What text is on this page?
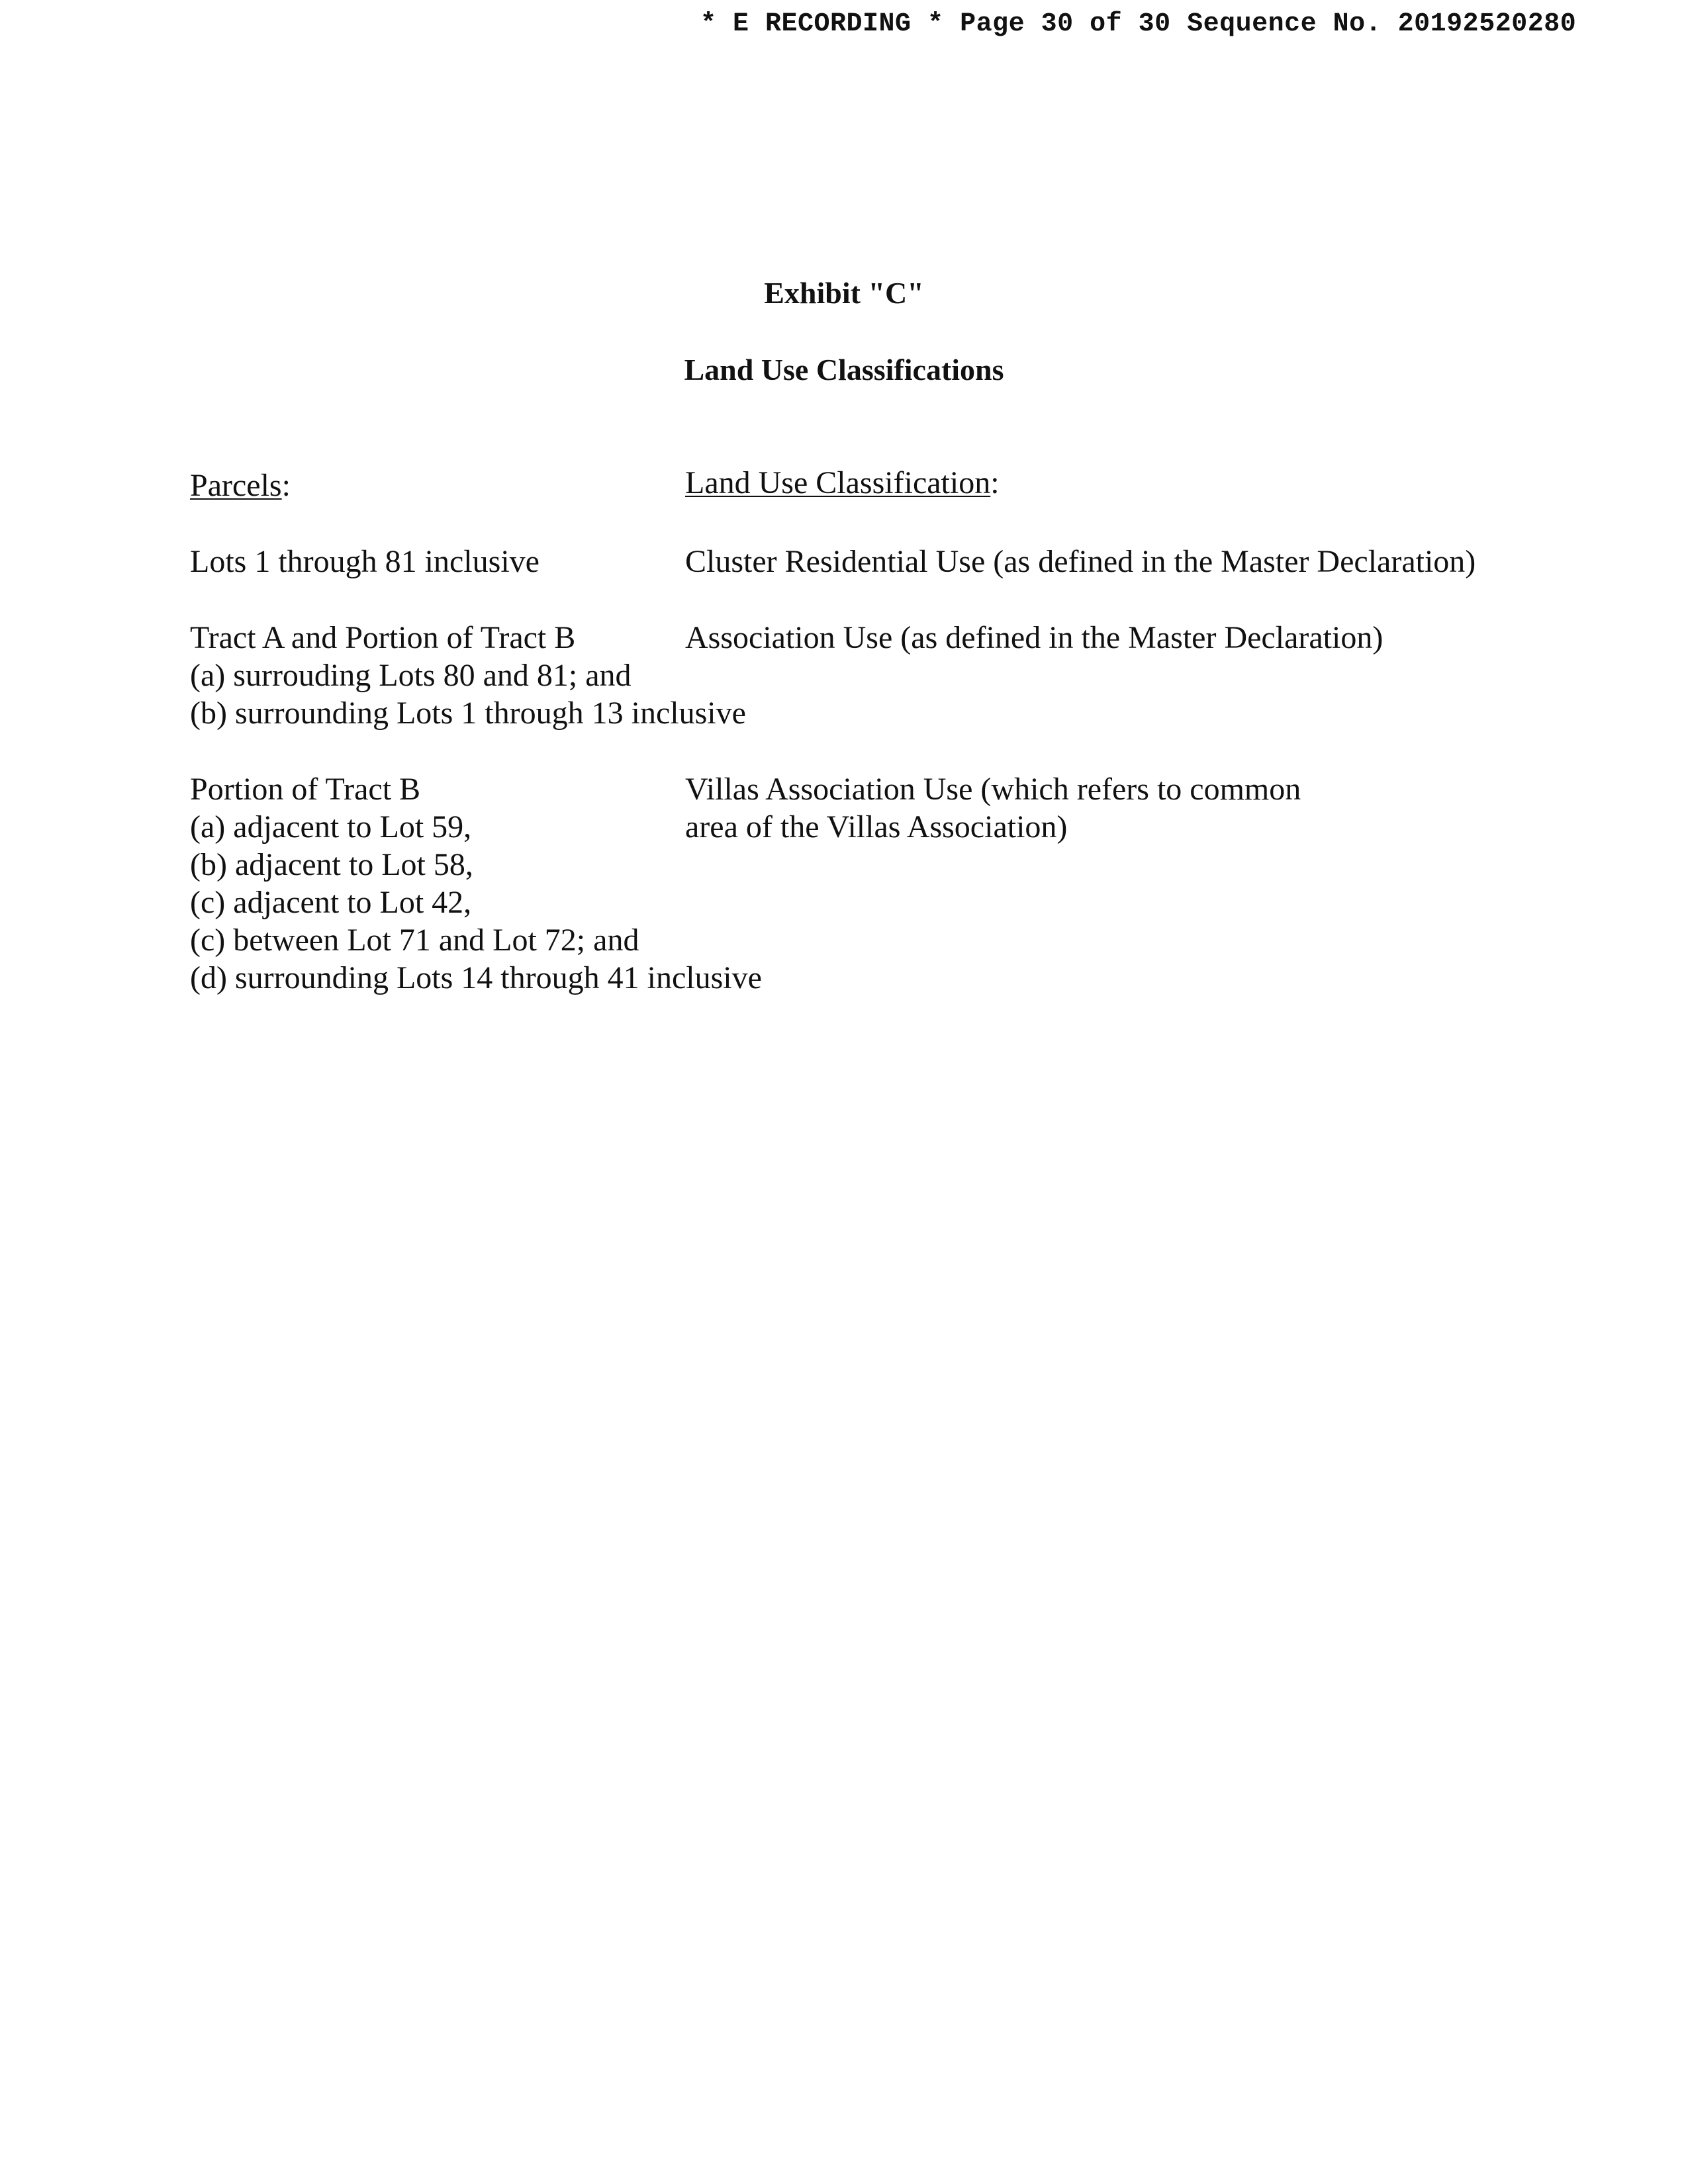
* E RECORDING * Page 30 of 30 Sequence No. 20192520280
Exhibit "C"
Land Use Classifications
Parcels:	Land Use Classification:
Lots 1 through 81 inclusive	Cluster Residential Use (as defined in the Master Declaration)
Tract A and Portion of Tract B
(a) surrouding Lots 80 and 81; and
(b) surrounding Lots 1 through 13 inclusive
Association Use (as defined in the Master Declaration)
Portion of Tract B
(a) adjacent to Lot 59,
(b) adjacent to Lot 58,
(c) adjacent to Lot 42,
(c) between Lot 71 and Lot 72; and
(d) surrounding Lots 14 through 41 inclusive
Villas Association Use (which refers to common
area of the Villas Association)
